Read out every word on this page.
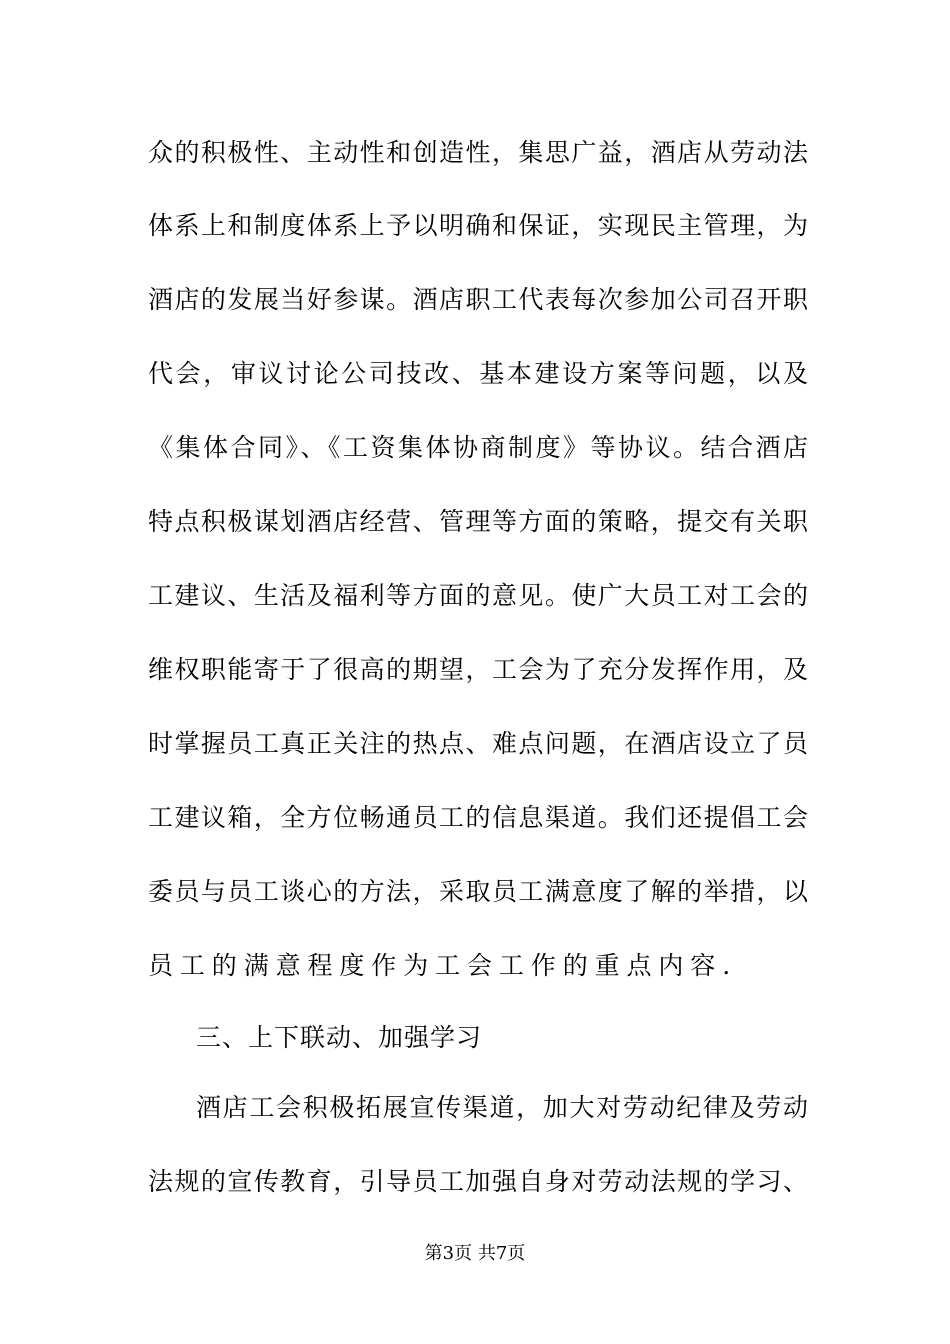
众的积极性、主动性和创造性，集思广益，酒店从劳动法
体系上和制度体系上予以明确和保证，实现民主管理，为
酒店的发展当好参谋。酒店职工代表每次参加公司召开职
代会，审议讨论公司技改、基本建设方案等问题，以及
《集体合同》、《工资集体协商制度》等协议。结合酒店
特点积极谋划酒店经营、管理等方面的策略，提交有关职
工建议、生活及福利等方面的意见。使广大员工对工会的
维权职能寄于了很高的期望，工会为了充分发挥作用，及
时掌握员工真正关注的热点、难点问题，在酒店设立了员
工建议箱，全方位畅通员工的信息渠道。我们还提倡工会
委员与员工谈心的方法，采取员工满意度了解的举措，以
员工的满意程度作为工会工作的重点内容.
三、上下联动、加强学习
酒店工会积极拓展宣传渠道，加大对劳动纪律及劳动
法规的宣传教育，引导员工加强自身对劳动法规的学习、
第3页 共7页
